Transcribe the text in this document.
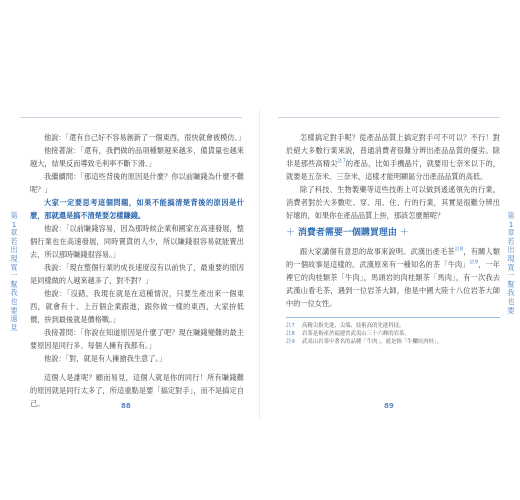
第1章 若出現買一幫我也要 遠見

他說：「還有自己好不容易創新了一個東西，很快就會被模仿。」

他接著說：「還有，我們做的品項種類越來越多，備貨量也越來越大，結果反而導致毛利率不斷下滑。」

我繼續問：「那這些背後的原因是什麼？你以前賺錢為什麼不難呢？」

大家一定要思考這個問題，如果不能搞清楚背後的原因是什麼，那就還是搞不清楚要怎樣賺錢。

他說：「以前賺錢容易，因為那時候企業和國家在高速發展，整個行業也在高速發展，同時賣貨的人少，所以賺錢很容易就能賣出去，所以那時賺錢很容易。」

我說：「現在整個行業的成長速度沒有以前快了，最重要的原因是同樣做的人越來越多了，對不對？」

他說：「沒錯，我現在就是在這種情況，只要生產出來一個東西，就會有十、上百個企業跟進，跟你做一樣的東西，大家拚低價，拚到最後就是價格戰。」

我接著問：「你說在知道原因是什麼了吧？現在賺錢變難的最主要原因是同行多、每個人擁有我都有。」

他說：「對，就是有人擁搶我生意了。」

這個人是誰呢？顧而易見，這個人就是你的同行！所有賺錢難的原因就是同行太多了，所這重點是要「搞定對手」，而不是搞定自己。	88
第1章 若出現買一幫我也要

怎樣搞定對手呢？從產品品質上搞定對手可不可以？不行！對於絕大多數行業來說，普通消費者很難分辨出產品品質的優劣。除非是那些高精尖$^{註7}$的產品，比如手機晶片，就要用七奈米以下的，就要是五奈米、三奈米，這樣才能明顯區分出產品品質的高低。

除了科技、生物製藥等這些技術上可以做到遙遙領先的行業，消費者對於大多數吃、穿、用、住、行的行業，其實是很難分辨出好壞的，如果你在產品品質上拚，那該怎麼辦呢？

＋ 消費者需要一個購買理由 ＋

跟大家講個有意思的故事來說明。武漢出產毛茶$^{註8}$，有關人類的一個故事是這樣的。武漢原來有一種知名的茶「牛肉」$^{註9}$，一年裡它的肉桂類茶「牛肉」，馬頭岩的肉桂類茶「馬肉」，有一次我去武漢山看毛茶，遇到一位岩茶大師，他是中國大陸十八位岩茶大師中的一位女性。

註7	高精尖指先進、尖端、技術高的先進科技。
註8	岩茶是指產於福建省武夷山三十六峰的岩茶。
註9	武夷山岩茶中著名的品種「牛肉」，就是指「牛欄坑肉桂」。
89
